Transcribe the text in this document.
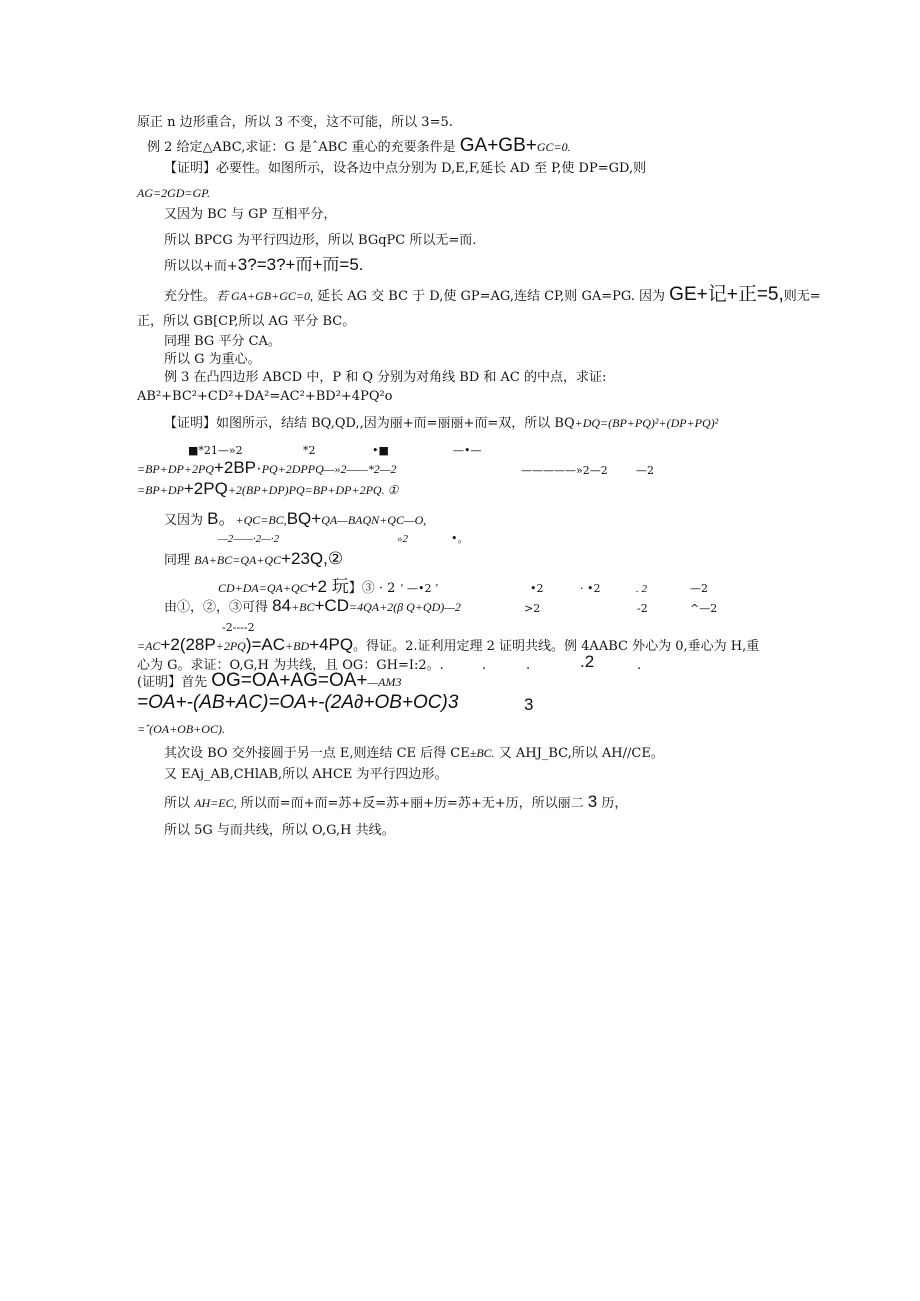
原正 n 边形重合，所以 3 不变，这不可能，所以 3=5.
例 2 给定△ABC,求证：G 是ˆABC 重心的充要条件是 GA+GB+GC=0.
【证明】必要性。如图所示，设各边中点分别为 D,E,F,延长 AD 至 P,使 DP=GD,则
AG=2GD=GP.
又因为 BC 与 GP 互相平分，
所以 BPCG 为平行四边形，所以 BGqPC 所以无=而.
所以以+而+3?=3?+而+而=5.
充分性。若 GA+GB+GC=0, 延长 AG 交 BC 于 D,使 GP=AG,连结 CP,则 GA=PG. 因为 GE+记+正=5,则无=
正，所以 GB[CP,所以 AG 平分 BC。
同理 BG 平分 CA。
所以 G 为重心。
例 3 在凸四边形 ABCD 中，P 和 Q 分别为对角线 BD 和 AC 的中点，求证:
AB²+BC²+CD²+DA²=AC²+BD²+4PQ²o
【证明】如图所示，结结 BQ,QD,,因为丽+而=丽丽+而=双，所以 BQ+DQ=(BP+PQ)²+(DP+PQ)²
■*21—»2	*2	•■	—•—
=BP+DP+2PQ+2BP·PQ+2DPPQ—»2——*2—2	—————»2—2	—2
=BP+DP+2PQ+2(BP+DP)PQ=BP+DP+2PQ. ①
又因为 B。+QC=BC,BQ+QA—BAQN+QC—O,
—2——·2—·2	»2	•。
同理 BA+BC=QA+QC+23Q,②
CD+DA=QA+QC+2 玩】③ · 2 ’ —•2 ’	•2	· •2	. 2	—2
由①，②，③可得 84+BC+CD=4QA+2(β Q+QD)—2	>2	-2	^—2
-2----2
=AC+2(28P+2PQ)=AC+BD+4PQ。得证。2.证利用定理 2 证明共线。例 4AABC 外心为 0,垂心为 H,重
心为 G。求证：O,G,H 为共线，且 OG：GH=I:2。.	.	.	.2	.
(证明】首先 OG=OA+AG=OA+—AM3
=OA+-(AB+AC)=OA+-(2A∂+OB+OC)3	3
=ˆ(OA+OB+OC).
其次设 BO 交外接圆于另一点 E,则连结 CE 后得 CE±BC. 又 AHJ_BC,所以 AH//CE。
又 EAj_AB,CHlAB,所以 AHCE 为平行四边形。
所以 AH=EC, 所以而=而+而=苏+反=苏+丽+历=苏+无+历，所以丽二 3 历，
所以 5G 与而共线，所以 O,G,H 共线。
